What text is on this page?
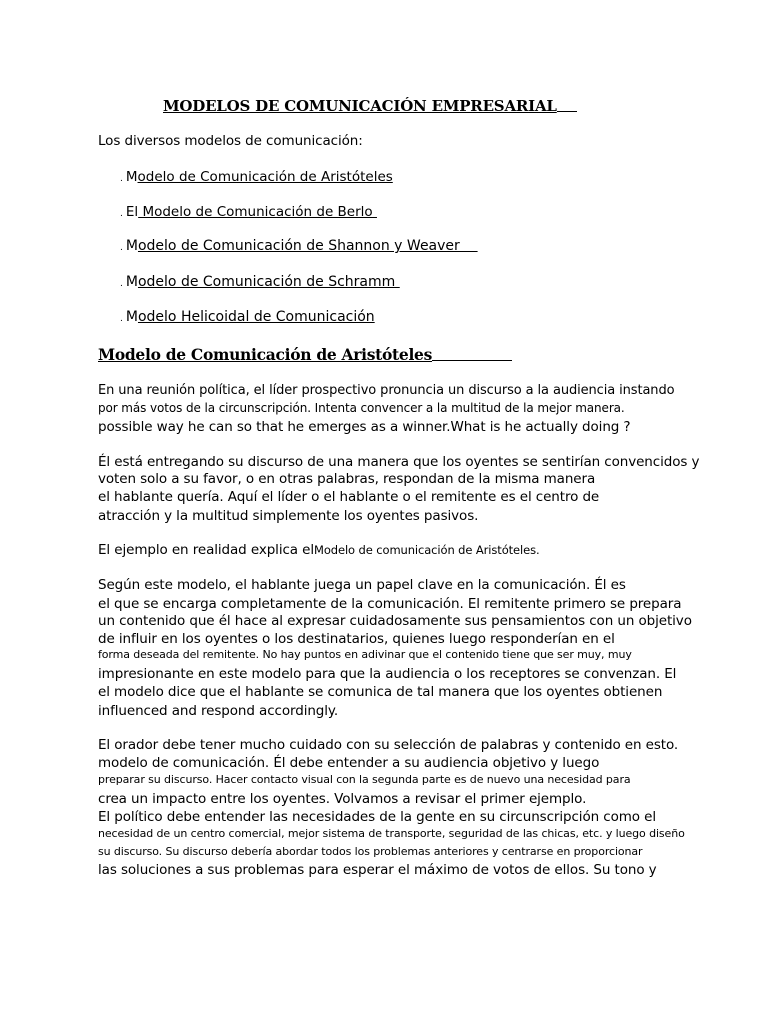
MODELOS DE COMUNICACIÓN EMPRESARIAL
Los diversos modelos de comunicación:
. Modelo de Comunicación de Aristóteles
. El Modelo de Comunicación de Berlo
. Modelo de Comunicación de Shannon y Weaver
. Modelo de Comunicación de Schramm
. Modelo Helicoidal de Comunicación
Modelo de Comunicación de Aristóteles
En una reunión política, el líder prospectivo pronuncia un discurso a la audiencia instando
por más votos de la circunscripción. Intenta convencer a la multitud de la mejor manera.
possible way he can so that he emerges as a winner.What is he actually doing ?
Él está entregando su discurso de una manera que los oyentes se sentirían convencidos y
voten solo a su favor, o en otras palabras, respondan de la misma manera
el hablante quería. Aquí el líder o el hablante o el remitente es el centro de
atracción y la multitud simplemente los oyentes pasivos.
El ejemplo en realidad explica elModelo de comunicación de Aristóteles.
Según este modelo, el hablante juega un papel clave en la comunicación. Él es
el que se encarga completamente de la comunicación. El remitente primero se prepara
un contenido que él hace al expresar cuidadosamente sus pensamientos con un objetivo
de influir en los oyentes o los destinatarios, quienes luego responderían en el
forma deseada del remitente. No hay puntos en adivinar que el contenido tiene que ser muy, muy
impresionante en este modelo para que la audiencia o los receptores se convenzan. El
el modelo dice que el hablante se comunica de tal manera que los oyentes obtienen
influenced and respond accordingly.
El orador debe tener mucho cuidado con su selección de palabras y contenido en esto.
modelo de comunicación. Él debe entender a su audiencia objetivo y luego
preparar su discurso. Hacer contacto visual con la segunda parte es de nuevo una necesidad para
crea un impacto entre los oyentes. Volvamos a revisar el primer ejemplo.
El político debe entender las necesidades de la gente en su circunscripción como el
necesidad de un centro comercial, mejor sistema de transporte, seguridad de las chicas, etc. y luego diseño
su discurso. Su discurso debería abordar todos los problemas anteriores y centrarse en proporcionar
las soluciones a sus problemas para esperar el máximo de votos de ellos. Su tono y
